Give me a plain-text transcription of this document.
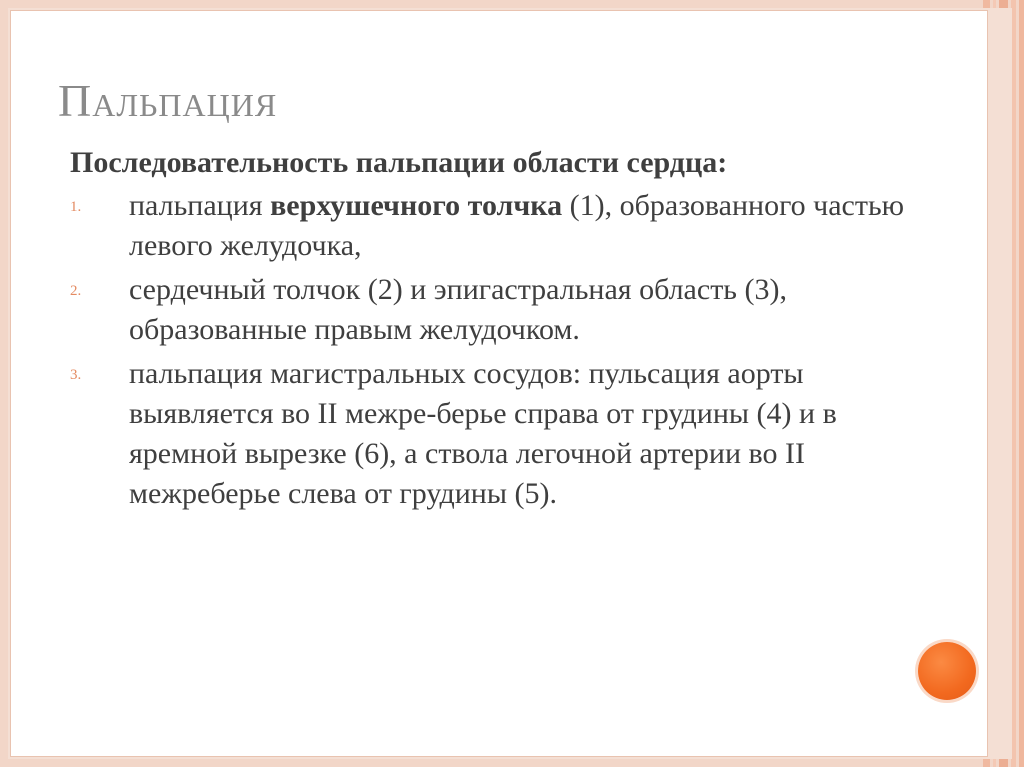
Пальпация

Последовательность пальпации области сердца:

1. пальпация верхушечного толчка (1), образованного частью левого желудочка,
2. сердечный толчок (2) и эпигастральная область (3), образованные правым желудочком.
3. пальпация магистральных сосудов: пульсация аорты выявляется во II межре-берье справа от грудины (4) и в яремной вырезке (6), а ствола легочной артерии во II межреберье слева от грудины (5).
